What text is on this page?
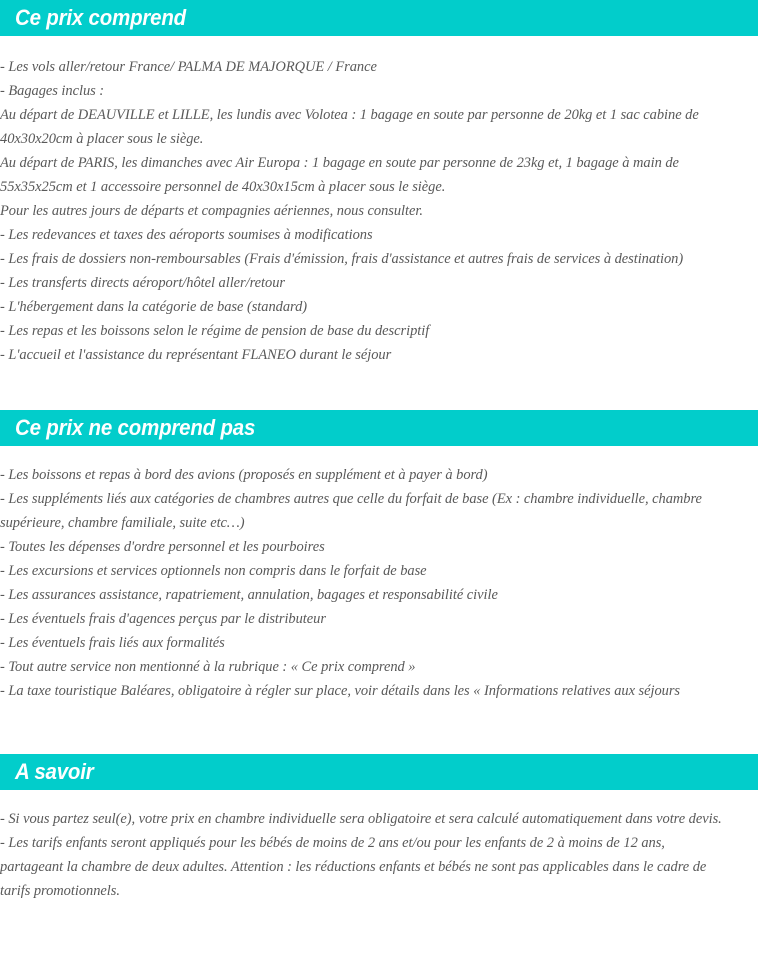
Ce prix comprend
- Les vols aller/retour France/ PALMA DE MAJORQUE / France
- Bagages inclus :
Au départ de DEAUVILLE et LILLE, les lundis avec Volotea : 1 bagage en soute par personne de 20kg et 1 sac cabine de 40x30x20cm à placer sous le siège.
Au départ de PARIS, les dimanches avec Air Europa : 1 bagage en soute par personne de 23kg et, 1 bagage à main de 55x35x25cm et 1 accessoire personnel de 40x30x15cm à placer sous le siège.
Pour les autres jours de départs et compagnies aériennes, nous consulter.
- Les redevances et taxes des aéroports soumises à modifications
- Les frais de dossiers non-remboursables (Frais d'émission, frais d'assistance et autres frais de services à destination)
- Les transferts directs aéroport/hôtel aller/retour
- L'hébergement dans la catégorie de base (standard)
- Les repas et les boissons selon le régime de pension de base du descriptif
- L'accueil et l'assistance du représentant FLANEO durant le séjour
Ce prix ne comprend pas
- Les boissons et repas à bord des avions (proposés en supplément et à payer à bord)
- Les suppléments liés aux catégories de chambres autres que celle du forfait de base (Ex : chambre individuelle, chambre supérieure, chambre familiale, suite etc…)
- Toutes les dépenses d'ordre personnel et les pourboires
- Les excursions et services optionnels non compris dans le forfait de base
- Les assurances assistance, rapatriement, annulation, bagages et responsabilité civile
- Les éventuels frais d'agences perçus par le distributeur
- Les éventuels frais liés aux formalités
- Tout autre service non mentionné à la rubrique : « Ce prix comprend »
- La taxe touristique Baléares, obligatoire à régler sur place, voir détails dans les « Informations relatives aux séjours
A savoir
- Si vous partez seul(e), votre prix en chambre individuelle sera obligatoire et sera calculé automatiquement dans votre devis.
- Les tarifs enfants seront appliqués pour les bébés de moins de 2 ans et/ou pour les enfants de 2 à moins de 12 ans, partageant la chambre de deux adultes. Attention : les réductions enfants et bébés ne sont pas applicables dans le cadre de tarifs promotionnels.
